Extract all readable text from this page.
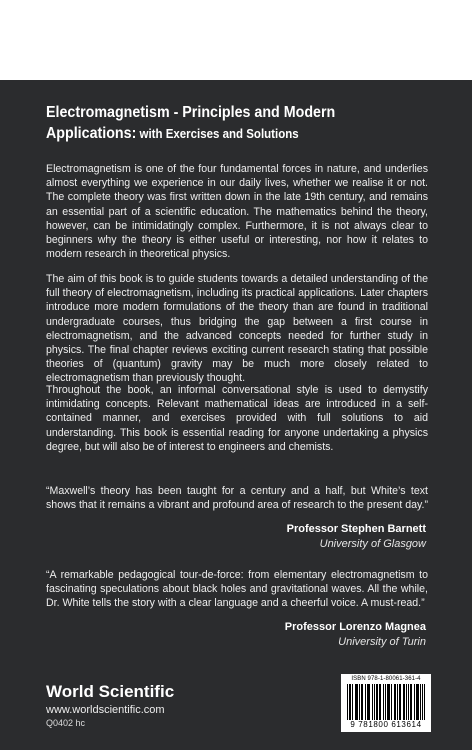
Electromagnetism - Principles and Modern Applications: with Exercises and Solutions
Electromagnetism is one of the four fundamental forces in nature, and underlies almost everything we experience in our daily lives, whether we realise it or not. The complete theory was first written down in the late 19th century, and remains an essential part of a scientific education. The mathematics behind the theory, however, can be intimidatingly complex. Furthermore, it is not always clear to beginners why the theory is either useful or interesting, nor how it relates to modern research in theoretical physics.
The aim of this book is to guide students towards a detailed understanding of the full theory of electromagnetism, including its practical applications. Later chapters introduce more modern formulations of the theory than are found in traditional undergraduate courses, thus bridging the gap between a first course in electromagnetism, and the advanced concepts needed for further study in physics. The final chapter reviews exciting current research stating that possible theories of (quantum) gravity may be much more closely related to electromagnetism than previously thought.
Throughout the book, an informal conversational style is used to demystify intimidating concepts. Relevant mathematical ideas are introduced in a self-contained manner, and exercises provided with full solutions to aid understanding. This book is essential reading for anyone undertaking a physics degree, but will also be of interest to engineers and chemists.
“Maxwell’s theory has been taught for a century and a half, but White’s text shows that it remains a vibrant and profound area of research to the present day.”
Professor Stephen Barnett
University of Glasgow
“A remarkable pedagogical tour-de-force: from elementary electromagnetism to fascinating speculations about black holes and gravitational waves. All the while, Dr. White tells the story with a clear language and a cheerful voice. A must-read.”
Professor Lorenzo Magnea
University of Turin
World Scientific
www.worldscientific.com
Q0402 hc
ISBN 978-1-80061-361-4
9 781800 613614
